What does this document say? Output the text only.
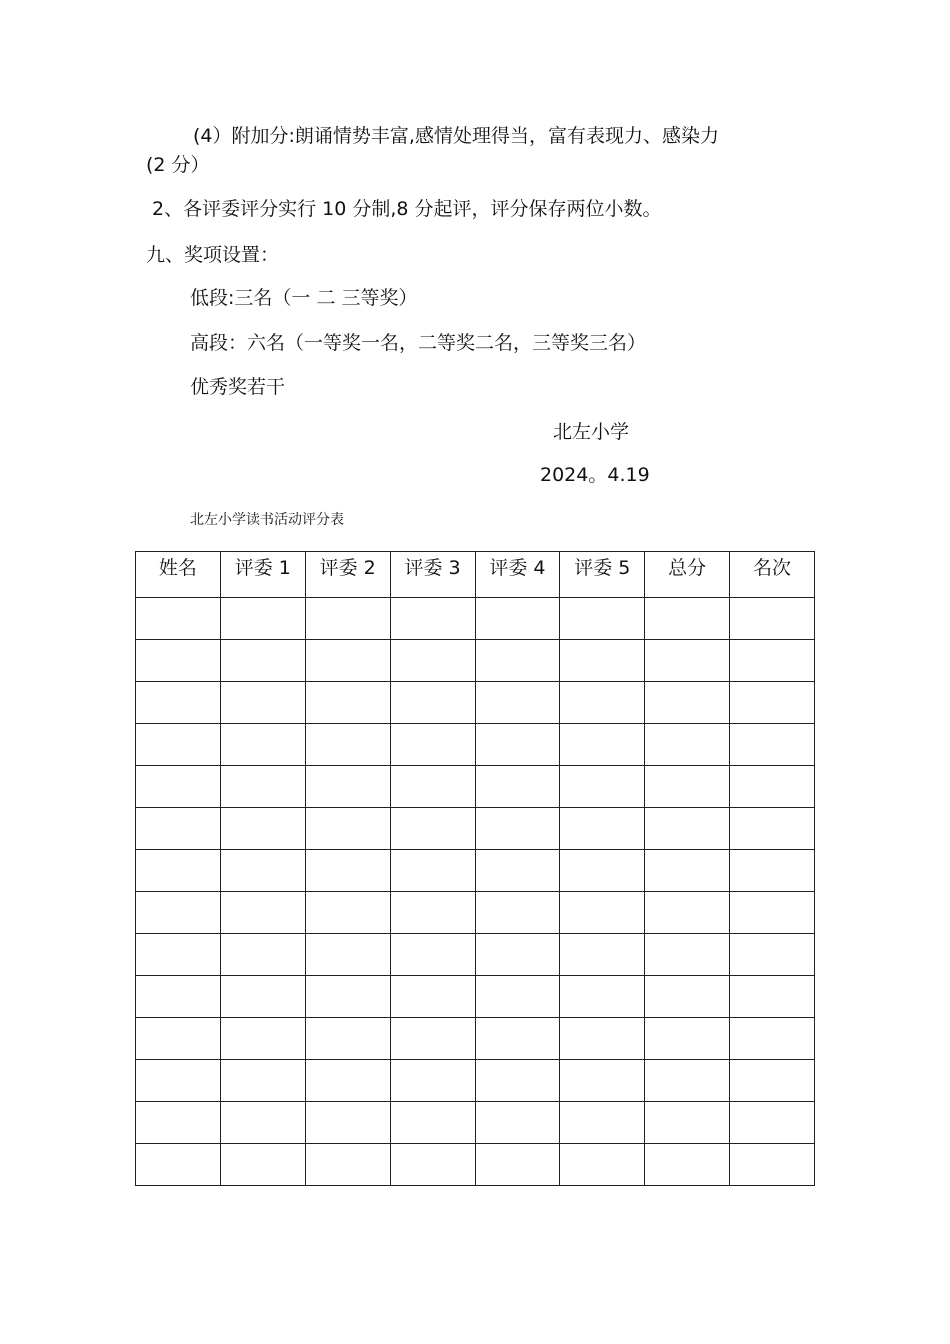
(4）附加分:朗诵情势丰富,感情处理得当，富有表现力、感染力
(2 分）
2、各评委评分实行 10 分制,8 分起评，评分保存两位小数。
九、奖项设置：
低段:三名（一 二 三等奖）
高段：六名（一等奖一名，二等奖二名，三等奖三名）
优秀奖若干
北左小学
2024。4.19
北左小学读书活动评分表
姓名	评委 1	评委 2	评委 3	评委 4	评委 5	总分	名次
